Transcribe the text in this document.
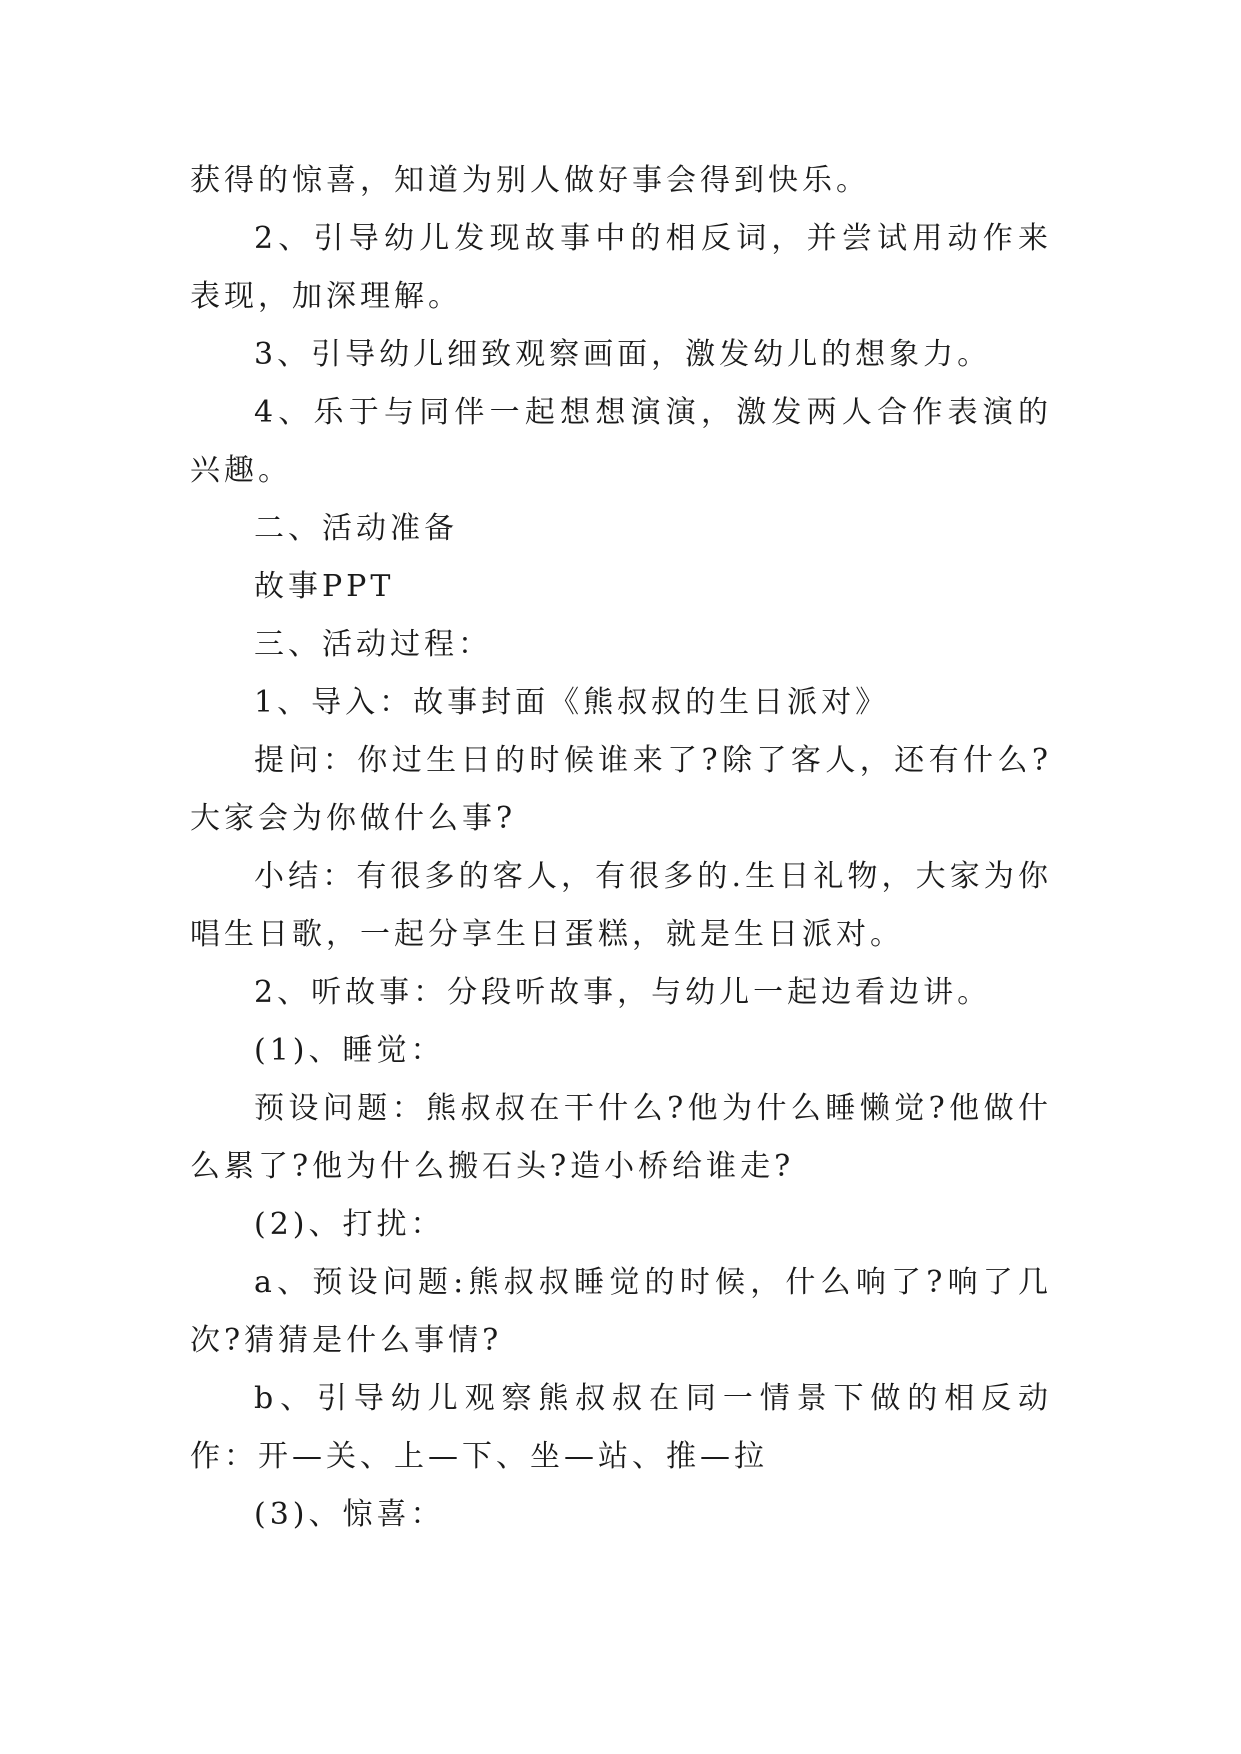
获得的惊喜，知道为别人做好事会得到快乐。

2、引导幼儿发现故事中的相反词，并尝试用动作来表现，加深理解。

3、引导幼儿细致观察画面，激发幼儿的想象力。

4、乐于与同伴一起想想演演，激发两人合作表演的兴趣。

二、活动准备

故事PPT

三、活动过程：

1、导入：故事封面《熊叔叔的生日派对》

提问：你过生日的时候谁来了?除了客人，还有什么?大家会为你做什么事?

小结：有很多的客人，有很多的.生日礼物，大家为你唱生日歌，一起分享生日蛋糕，就是生日派对。

2、听故事：分段听故事，与幼儿一起边看边讲。

(1)、睡觉：

预设问题：熊叔叔在干什么?他为什么睡懒觉?他做什么累了?他为什么搬石头?造小桥给谁走?

(2)、打扰：

a、预设问题:熊叔叔睡觉的时候，什么响了?响了几次?猜猜是什么事情?

b、引导幼儿观察熊叔叔在同一情景下做的相反动作：开—关、上—下、坐—站、推—拉

(3)、惊喜：
